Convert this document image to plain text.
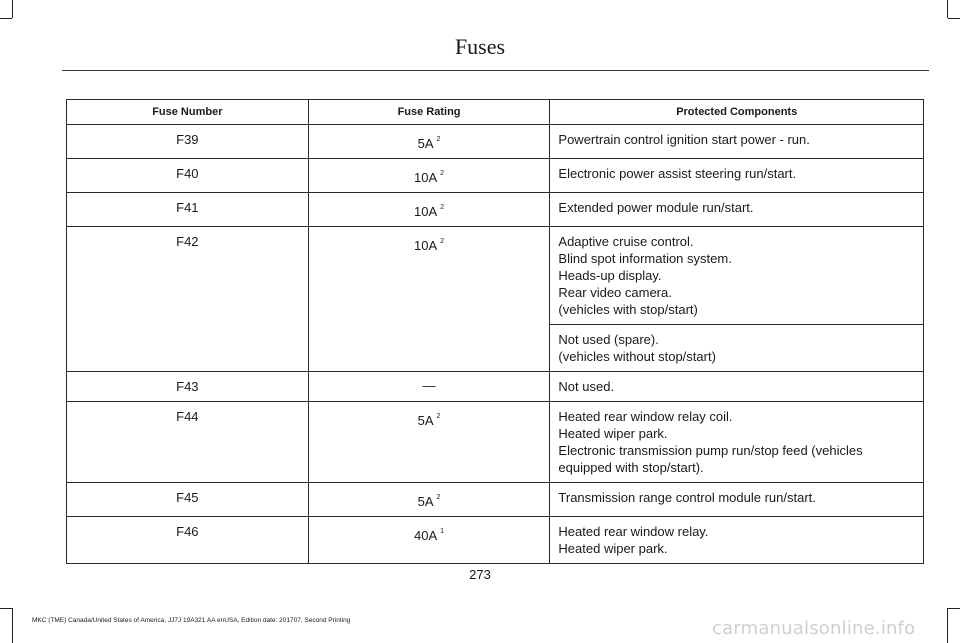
Fuses
Fuse Number	Fuse Rating	Protected Components
F39	5A $^2$	Powertrain control ignition start power - run.

F40	10A $^2$	Electronic power assist steering run/start.

F41	10A $^2$	Extended power module run/start.

F42	10A $^2$	Adaptive cruise control.
Blind spot information system.
Heads-up display.
Rear video camera.
(vehicles with stop/start)

		Not used (spare).
(vehicles without stop/start)

F43	—	Not used.

F44	5A $^2$	Heated rear window relay coil.
Heated wiper park.
Electronic transmission pump run/stop feed (vehicles
equipped with stop/start).

F45	5A $^2$	Transmission range control module run/start.

F46	40A $^1$	Heated rear window relay.
Heated wiper park.
273
MKC (TME) Canada/United States of America, JJ7J 19A321 AA enUSA, Edition date: 201707, Second Printing	carmanualsonline.info
